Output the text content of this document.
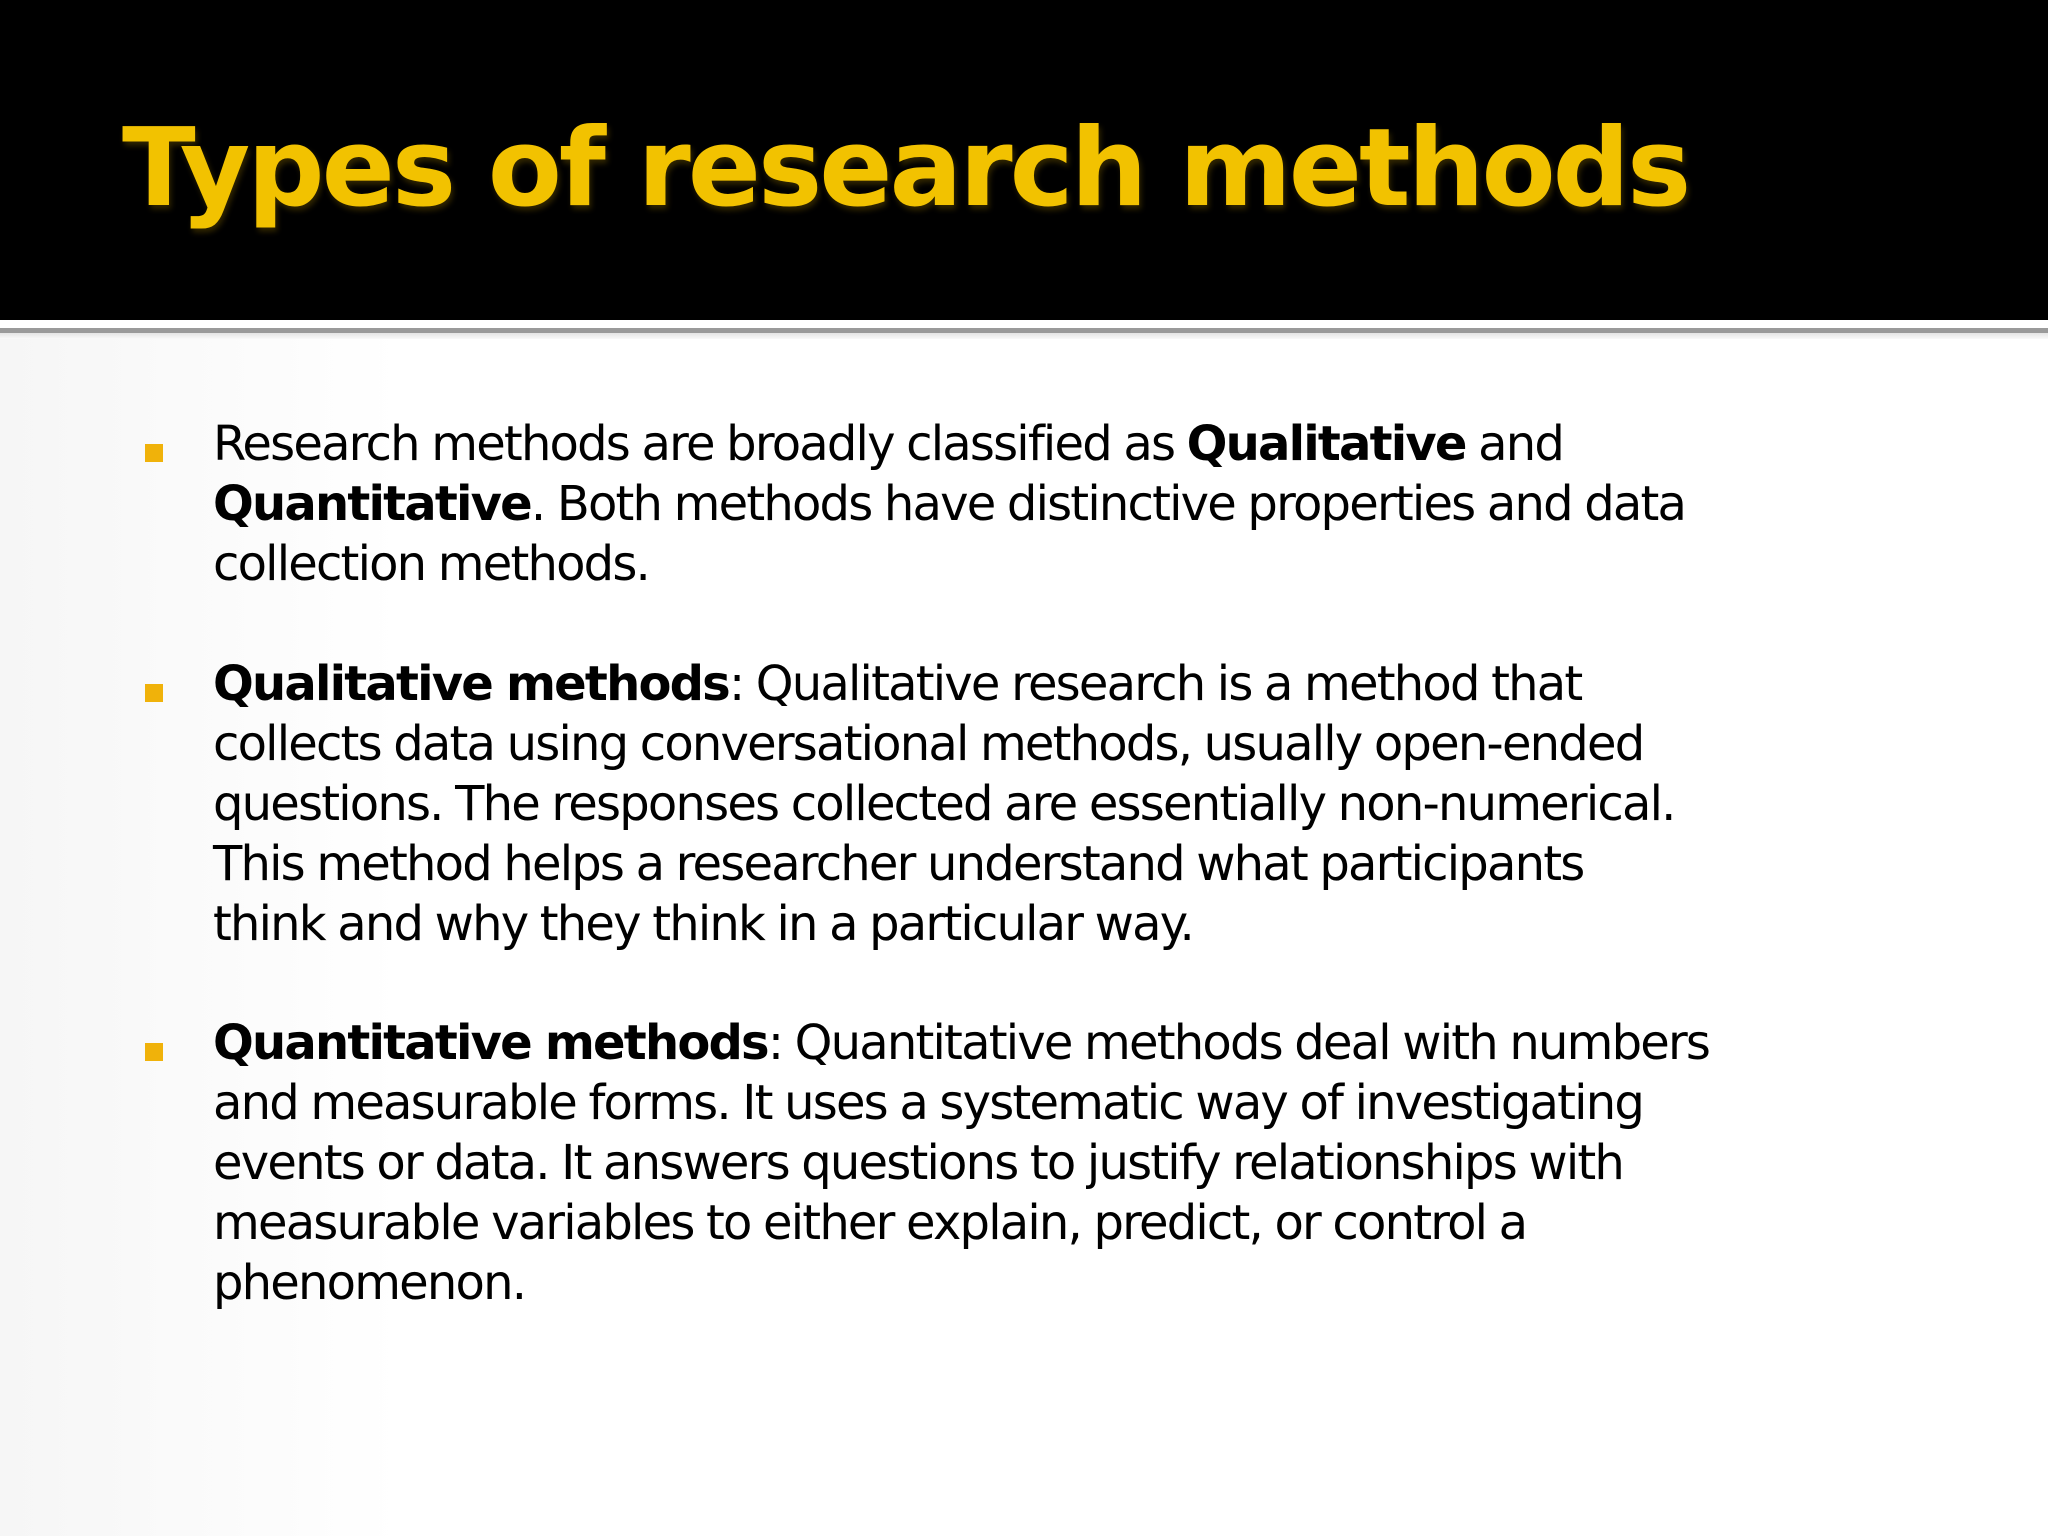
Types of research methods

Research methods are broadly classified as Qualitative and
Quantitative. Both methods have distinctive properties and data
collection methods.

Qualitative methods: Qualitative research is a method that
collects data using conversational methods, usually open-ended
questions. The responses collected are essentially non-numerical.
This method helps a researcher understand what participants
think and why they think in a particular way.

Quantitative methods: Quantitative methods deal with numbers
and measurable forms. It uses a systematic way of investigating
events or data. It answers questions to justify relationships with
measurable variables to either explain, predict, or control a
phenomenon.
